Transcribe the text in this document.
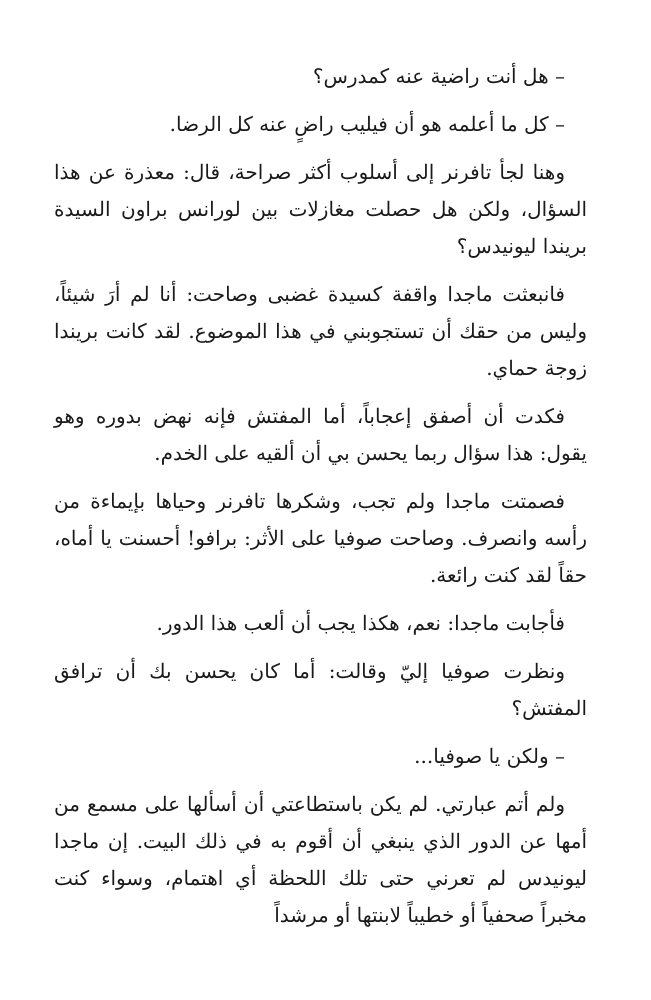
– هل أنت راضية عنه كمدرس؟

– كل ما أعلمه هو أن فيليب راضٍ عنه كل الرضا.

وهنا لجأ تافرنر إلى أسلوب أكثر صراحة، قال: معذرة عن هذا السؤال، ولكن هل حصلت مغازلات بين لورانس براون السيدة بريندا ليونيدس؟

فانبعثت ماجدا واقفة كسيدة غضبى وصاحت: أنا لم أرَ شيئاً، وليس من حقك أن تستجوبني في هذا الموضوع. لقد كانت بريندا زوجة حماي.

فكدت أن أصفق إعجاباً، أما المفتش فإنه نهض بدوره وهو يقول: هذا سؤال ربما يحسن بي أن ألقيه على الخدم.

فصمتت ماجدا ولم تجب، وشكرها تافرنر وحياها بإيماءة من رأسه وانصرف. وصاحت صوفيا على الأثر: برافو! أحسنت يا أماه، حقاً لقد كنت رائعة.

فأجابت ماجدا: نعم، هكذا يجب أن ألعب هذا الدور.

ونظرت صوفيا إليّ وقالت: أما كان يحسن بك أن ترافق المفتش؟

– ولكن يا صوفيا...

ولم أتم عبارتي. لم يكن باستطاعتي أن أسألها على مسمع من أمها عن الدور الذي ينبغي أن أقوم به في ذلك البيت. إن ماجدا ليونيدس لم تعرني حتى تلك اللحظة أي اهتمام، وسواء كنت مخبراً صحفياً أو خطيباً لابنتها أو مرشداً
